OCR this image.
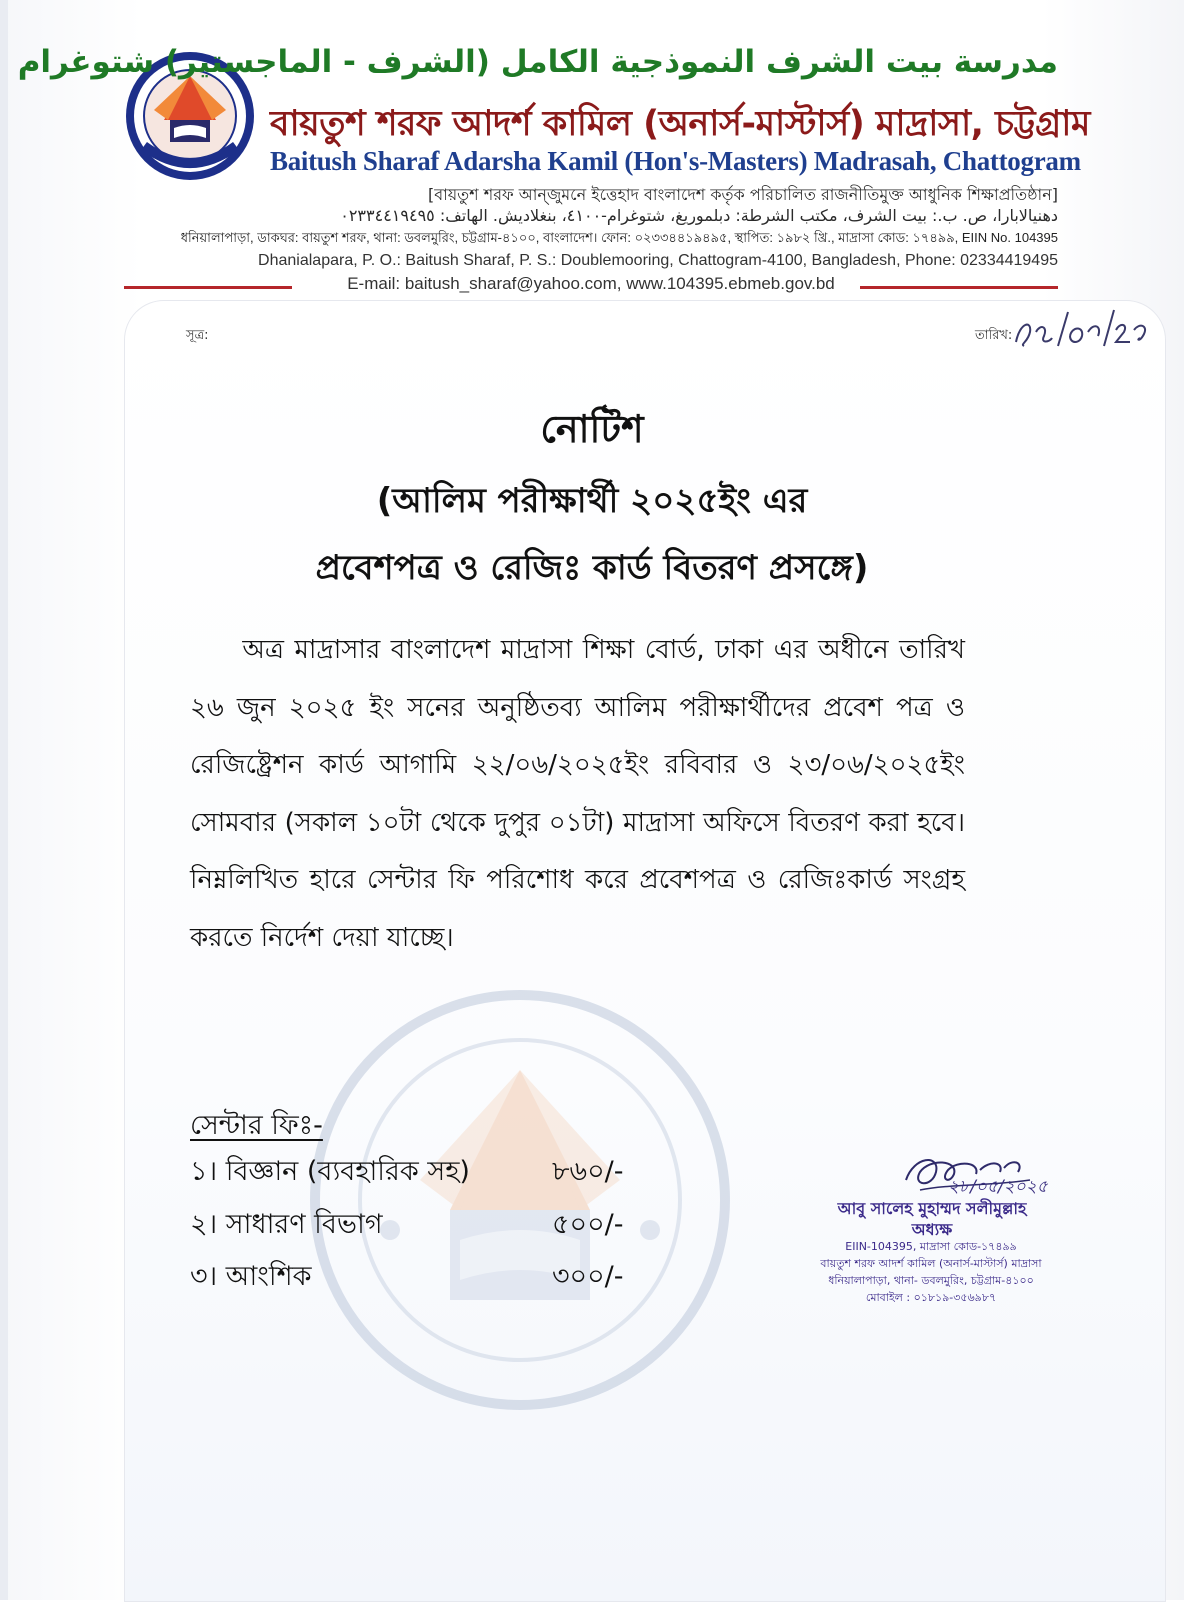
مدرسة بيت الشرف النموذجية الكامل (الشرف - الماجستير) شتوغرام
বায়তুশ শরফ আদর্শ কামিল (অনার্স-মাস্টার্স) মাদ্রাসা, চট্টগ্রাম
Baitush Sharaf Adarsha Kamil (Hon's-Masters) Madrasah, Chattogram
[বায়তুশ শরফ আন্‌জুমনে ইত্তেহাদ বাংলাদেশ কর্তৃক পরিচালিত রাজনীতিমুক্ত আধুনিক শিক্ষাপ্রতিষ্ঠান]
دهنيالابارا، ص. ب.: بيت الشرف، مكتب الشرطة: دبلموريغ، شتوغرام-٤١٠٠، بنغلاديش. الهاتف: ٠٢٣٣٤٤١٩٤٩٥
ধনিয়ালাপাড়া, ডাকঘর: বায়তুশ শরফ, থানা: ডবলমুরিং, চট্টগ্রাম-৪১০০, বাংলাদেশ। ফোন: ০২৩৩৪৪১৯৪৯৫, স্থাপিত: ১৯৮২ খ্রি., মাদ্রাসা কোড: ১৭৪৯৯, EIIN No. 104395
Dhanialapara, P. O.: Baitush Sharaf, P. S.: Doublemooring, Chattogram-4100, Bangladesh, Phone: 02334419495
E-mail: baitush_sharaf@yahoo.com, www.104395.ebmeb.gov.bd
সূত্র:	তারিখ:
নোটিশ
(আলিম পরীক্ষার্থী ২০২৫ইং এর
প্রবেশপত্র ও রেজিঃ কার্ড বিতরণ প্রসঙ্গে)
অত্র মাদ্রাসার বাংলাদেশ মাদ্রাসা শিক্ষা বোর্ড, ঢাকা এর অধীনে তারিখ ২৬ জুন ২০২৫ ইং সনের অনুষ্ঠিতব্য আলিম পরীক্ষার্থীদের প্রবেশ পত্র ও রেজিষ্ট্রেশন কার্ড আগামি ২২/০৬/২০২৫ইং রবিবার ও ২৩/০৬/২০২৫ইং সোমবার (সকাল ১০টা থেকে দুপুর ০১টা) মাদ্রাসা অফিসে বিতরণ করা হবে। নিম্নলিখিত হারে সেন্টার ফি পরিশোধ করে প্রবেশপত্র ও রেজিঃকার্ড সংগ্রহ করতে নির্দেশ দেয়া যাচ্ছে।
সেন্টার ফিঃ-
১। বিজ্ঞান (ব্যবহারিক সহ)	৮৬০/-
২। সাধারণ বিভাগ	৫০০/-
৩। আংশিক	৩০০/-
২৮/০৫/২০২৫
আবু সালেহ মুহাম্মদ সলীমুল্লাহ
অধ্যক্ষ
EIIN-104395, মাদ্রাসা কোড-১৭৪৯৯
বায়তুশ শরফ আদর্শ কামিল (অনার্স-মাস্টার্স) মাদ্রাসা
ধনিয়ালাপাড়া, থানা- ডবলমুরিং, চট্টগ্রাম-৪১০০
মোবাইল : ০১৮১৯-৩৫৬৯৮৭
